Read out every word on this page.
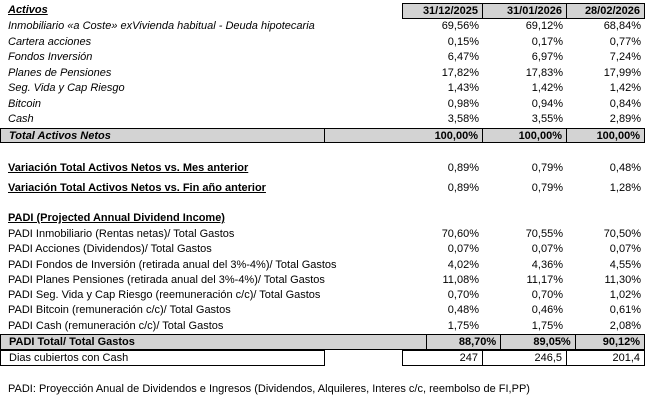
Activos	31/12/2025	31/01/2026	28/02/2026
Inmobiliario «a Coste» exVivienda habitual - Deuda hipotecaria	69,56%	69,12%	68,84%
Cartera acciones	0,15%	0,17%	0,77%
Fondos Inversión	6,47%	6,97%	7,24%
Planes de Pensiones	17,82%	17,83%	17,99%
Seg. Vida y Cap Riesgo	1,43%	1,42%	1,42%
Bitcoin	0,98%	0,94%	0,84%
Cash	3,58%	3,55%	2,89%
Total Activos Netos	100,00%	100,00%	100,00%
Variación Total Activos Netos vs. Mes anterior	0,89%	0,79%	0,48%
Variación Total Activos Netos vs. Fin año anterior	0,89%	0,79%	1,28%
PADI (Projected Annual Dividend Income)
PADI Inmobiliario (Rentas netas)/ Total Gastos	70,60%	70,55%	70,50%
PADI Acciones (Dividendos)/ Total Gastos	0,07%	0,07%	0,07%
PADI Fondos de Inversión (retirada anual del 3%-4%)/ Total Gastos	4,02%	4,36%	4,55%
PADI Planes Pensiones (retirada anual del 3%-4%)/ Total Gastos	11,08%	11,17%	11,30%
PADI Seg. Vida y Cap Riesgo (reemuneración c/c)/ Total Gastos	0,70%	0,70%	1,02%
PADI Bitcoin (remuneración c/c)/ Total Gastos	0,48%	0,46%	0,61%
PADI Cash (remuneración c/c)/ Total Gastos	1,75%	1,75%	2,08%
PADI Total/ Total Gastos	88,70%	89,05%	90,12%
Dias cubiertos con Cash	247	246,5	201,4
PADI: Proyección Anual de Dividendos e Ingresos (Dividendos, Alquileres, Interes c/c, reembolso de FI,PP)
